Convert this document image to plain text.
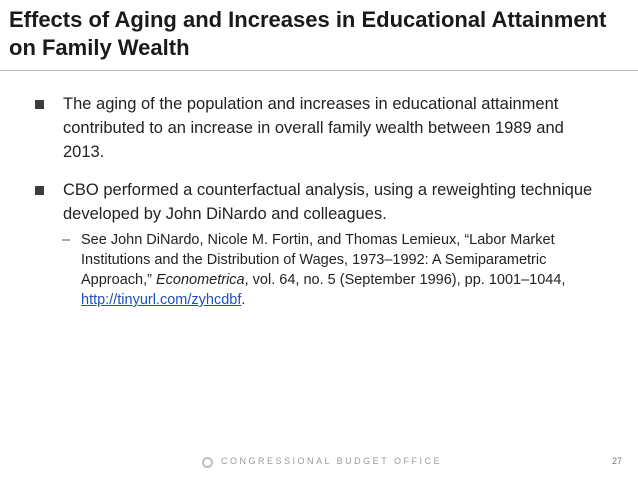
Effects of Aging and Increases in Educational Attainment on Family Wealth
The aging of the population and increases in educational attainment contributed to an increase in overall family wealth between 1989 and 2013.
CBO performed a counterfactual analysis, using a reweighting technique developed by John DiNardo and colleagues.
– See John DiNardo, Nicole M. Fortin, and Thomas Lemieux, “Labor Market Institutions and the Distribution of Wages, 1973–1992: A Semiparametric Approach,” Econometrica, vol. 64, no. 5 (September 1996), pp. 1001–1044, http://tinyurl.com/zyhcdbf.
CONGRESSIONAL BUDGET OFFICE	27
